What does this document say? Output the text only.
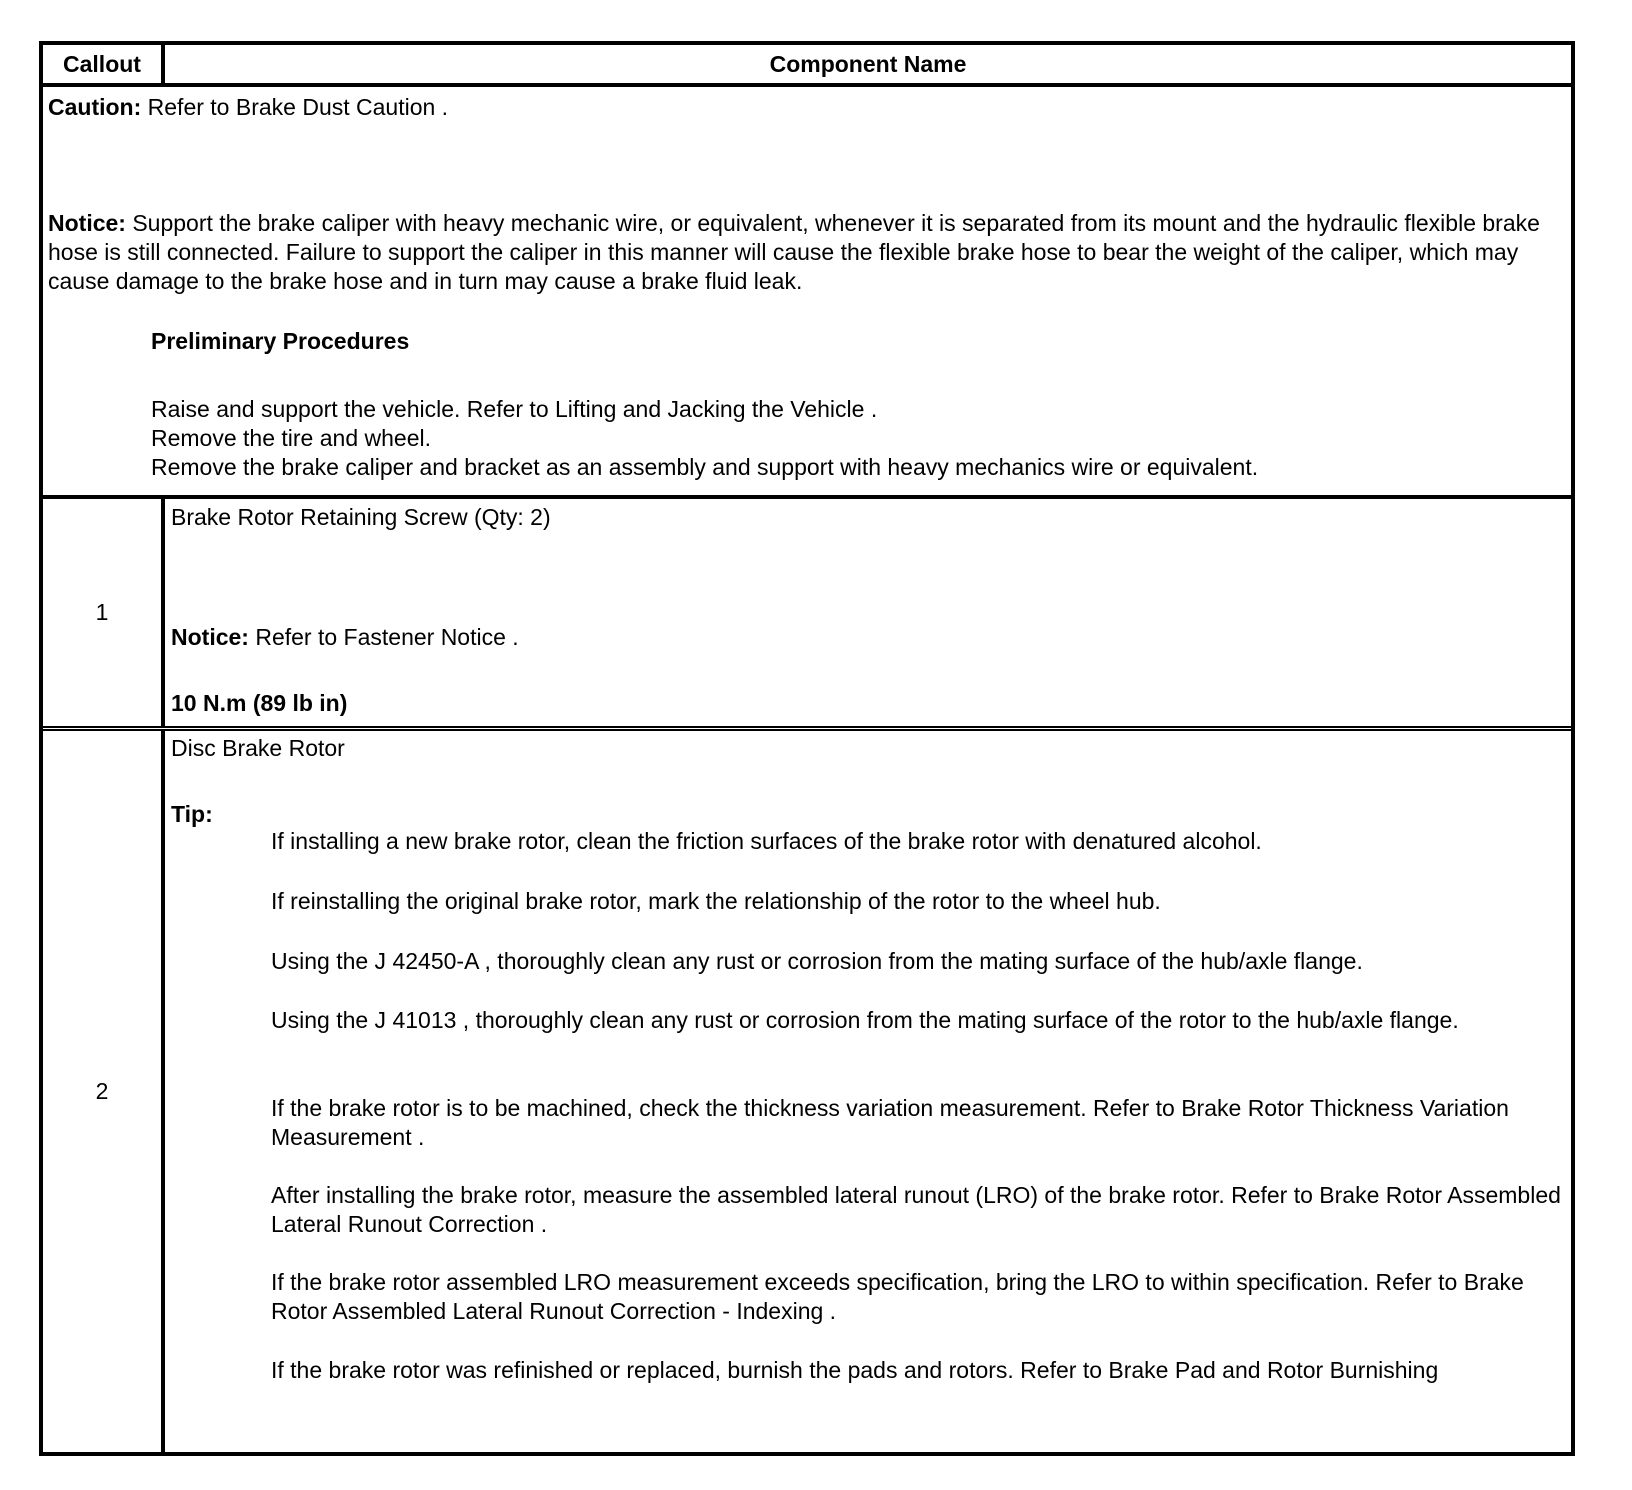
Callout	Component Name

Caution: Refer to Brake Dust Caution .

Notice: Support the brake caliper with heavy mechanic wire, or equivalent, whenever it is separated from its mount and the hydraulic flexible brake hose is still connected. Failure to support the caliper in this manner will cause the flexible brake hose to bear the weight of the caliper, which may cause damage to the brake hose and in turn may cause a brake fluid leak.

Preliminary Procedures
Raise and support the vehicle. Refer to Lifting and Jacking the Vehicle .
Remove the tire and wheel.
Remove the brake caliper and bracket as an assembly and support with heavy mechanics wire or equivalent.
1
Brake Rotor Retaining Screw (Qty: 2)
Notice: Refer to Fastener Notice .
10 N.m (89 lb in)
2
Disc Brake Rotor
Tip:
If installing a new brake rotor, clean the friction surfaces of the brake rotor with denatured alcohol.
If reinstalling the original brake rotor, mark the relationship of the rotor to the wheel hub.
Using the J 42450-A , thoroughly clean any rust or corrosion from the mating surface of the hub/axle flange.
Using the J 41013 , thoroughly clean any rust or corrosion from the mating surface of the rotor to the hub/axle flange.
If the brake rotor is to be machined, check the thickness variation measurement. Refer to Brake Rotor Thickness Variation Measurement .
After installing the brake rotor, measure the assembled lateral runout (LRO) of the brake rotor. Refer to Brake Rotor Assembled Lateral Runout Correction .
If the brake rotor assembled LRO measurement exceeds specification, bring the LRO to within specification. Refer to Brake Rotor Assembled Lateral Runout Correction - Indexing .
If the brake rotor was refinished or replaced, burnish the pads and rotors. Refer to Brake Pad and Rotor Burnishing
